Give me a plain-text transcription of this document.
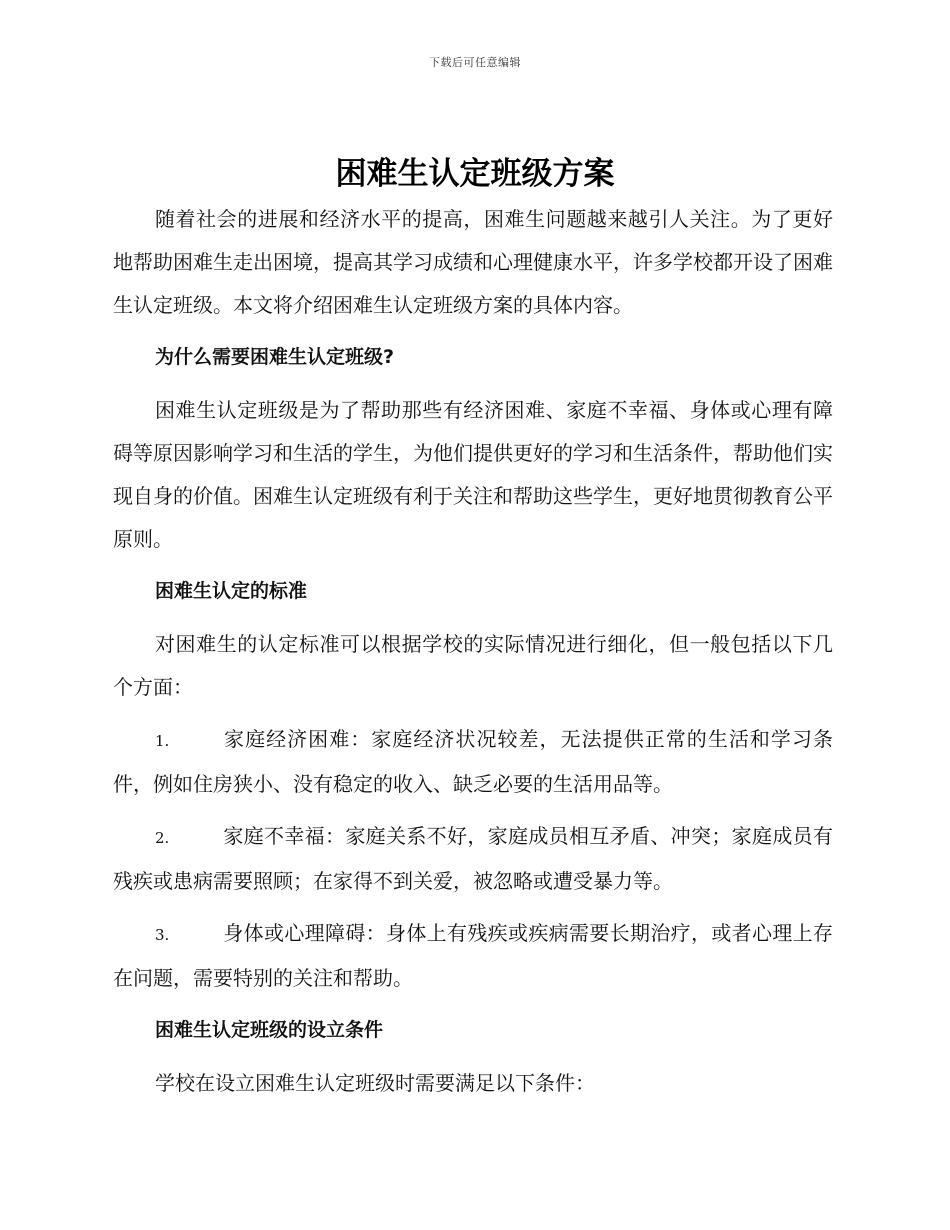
下载后可任意编辑
困难生认定班级方案

随着社会的进展和经济水平的提高，困难生问题越来越引人关注。为了更好地帮助困难生走出困境，提高其学习成绩和心理健康水平，许多学校都开设了困难生认定班级。本文将介绍困难生认定班级方案的具体内容。

为什么需要困难生认定班级?

困难生认定班级是为了帮助那些有经济困难、家庭不幸福、身体或心理有障碍等原因影响学习和生活的学生，为他们提供更好的学习和生活条件，帮助他们实现自身的价值。困难生认定班级有利于关注和帮助这些学生，更好地贯彻教育公平原则。

困难生认定的标准

对困难生的认定标准可以根据学校的实际情况进行细化，但一般包括以下几个方面：

1.	家庭经济困难：家庭经济状况较差，无法提供正常的生活和学习条件，例如住房狭小、没有稳定的收入、缺乏必要的生活用品等。

2.	家庭不幸福：家庭关系不好，家庭成员相互矛盾、冲突；家庭成员有残疾或患病需要照顾；在家得不到关爱，被忽略或遭受暴力等。

3.	身体或心理障碍：身体上有残疾或疾病需要长期治疗，或者心理上存在问题，需要特别的关注和帮助。

困难生认定班级的设立条件

学校在设立困难生认定班级时需要满足以下条件：
